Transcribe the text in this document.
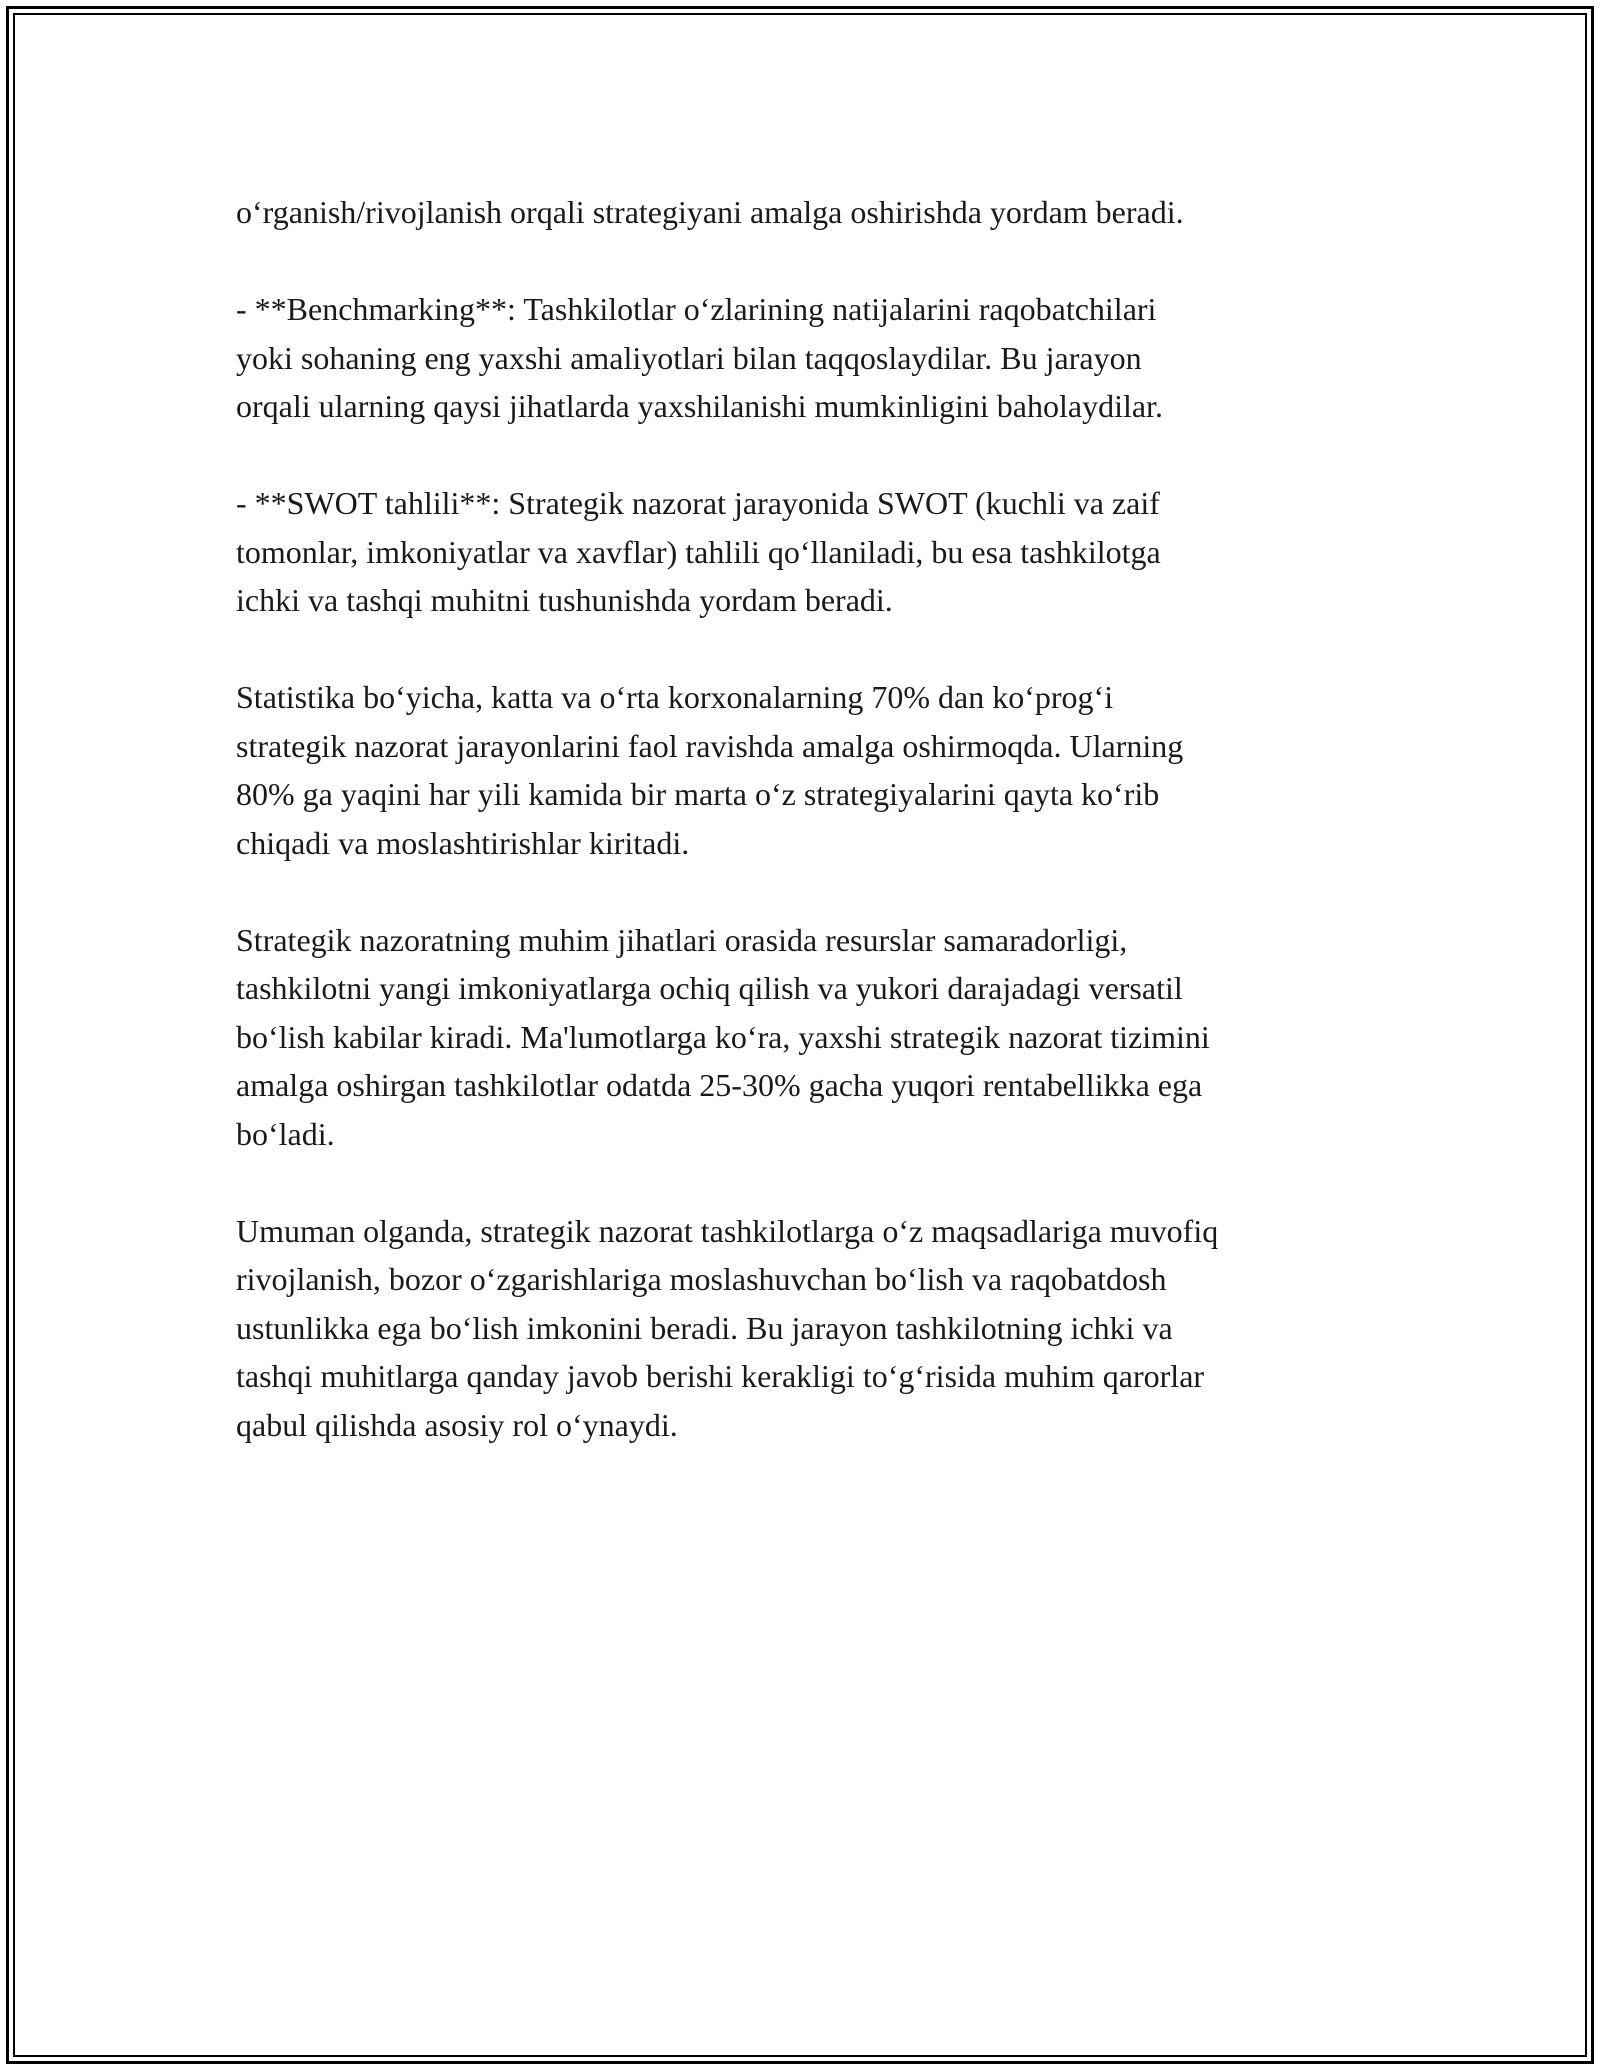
oʻrganish/rivojlanish orqali strategiyani amalga oshirishda yordam beradi.

- **Benchmarking**: Tashkilotlar oʻzlarining natijalarini raqobatchilari
yoki sohaning eng yaxshi amaliyotlari bilan taqqoslaydilar. Bu jarayon
orqali ularning qaysi jihatlarda yaxshilanishi mumkinligini baholaydilar.

- **SWOT tahlili**: Strategik nazorat jarayonida SWOT (kuchli va zaif
tomonlar, imkoniyatlar va xavflar) tahlili qoʻllaniladi, bu esa tashkilotga
ichki va tashqi muhitni tushunishda yordam beradi.

Statistika boʻyicha, katta va oʻrta korxonalarning 70% dan koʻprogʻi
strategik nazorat jarayonlarini faol ravishda amalga oshirmoqda. Ularning
80% ga yaqini har yili kamida bir marta oʻz strategiyalarini qayta koʻrib
chiqadi va moslashtirishlar kiritadi.

Strategik nazoratning muhim jihatlari orasida resurslar samaradorligi,
tashkilotni yangi imkoniyatlarga ochiq qilish va yukori darajadagi versatil
boʻlish kabilar kiradi. Ma'lumotlarga koʻra, yaxshi strategik nazorat tizimini
amalga oshirgan tashkilotlar odatda 25-30% gacha yuqori rentabellikka ega
boʻladi.

Umuman olganda, strategik nazorat tashkilotlarga oʻz maqsadlariga muvofiq
rivojlanish, bozor oʻzgarishlariga moslashuvchan boʻlish va raqobatdosh
ustunlikka ega boʻlish imkonini beradi. Bu jarayon tashkilotning ichki va
tashqi muhitlarga qanday javob berishi kerakligi toʻgʻrisida muhim qarorlar
qabul qilishda asosiy rol oʻynaydi.
